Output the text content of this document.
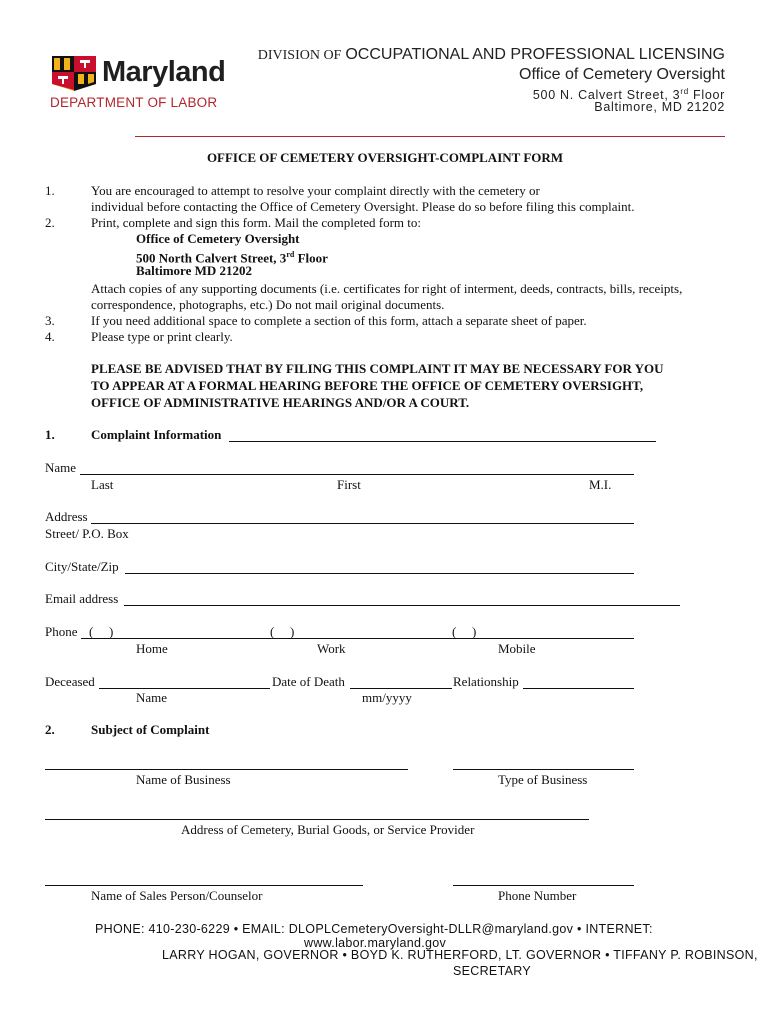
Maryland
DEPARTMENT OF LABOR
DIVISION OF OCCUPATIONAL AND PROFESSIONAL LICENSING
Office of Cemetery Oversight
500 N. Calvert Street, 3rd Floor
Baltimore, MD 21202
OFFICE OF CEMETERY OVERSIGHT-COMPLAINT FORM
1.	You are encouraged to attempt to resolve your complaint directly with the cemetery or
individual before contacting the Office of Cemetery Oversight. Please do so before filing this complaint.
2.	Print, complete and sign this form. Mail the completed form to:
Office of Cemetery Oversight
500 North Calvert Street, 3rd Floor
Baltimore MD 21202
Attach copies of any supporting documents (i.e. certificates for right of interment, deeds, contracts, bills, receipts,
correspondence, photographs, etc.) Do not mail original documents.
3.	If you need additional space to complete a section of this form, attach a separate sheet of paper.
4.	Please type or print clearly.
PLEASE BE ADVISED THAT BY FILING THIS COMPLAINT IT MAY BE NECESSARY FOR YOU
TO APPEAR AT A FORMAL HEARING BEFORE THE OFFICE OF CEMETERY OVERSIGHT,
OFFICE OF ADMINISTRATIVE HEARINGS AND/OR A COURT.
1.	Complaint Information
Name
Last	First	M.I.
Address
Street/ P.O. Box
City/State/Zip
Email address
Phone ( )	( )	( )
Home	Work	Mobile
Deceased	Date of Death	Relationship
Name	mm/yyyy
2.	Subject of Complaint
Name of Business	Type of Business
Address of Cemetery, Burial Goods, or Service Provider
Name of Sales Person/Counselor	Phone Number
PHONE: 410-230-6229 • EMAIL: DLOPLCemeteryOversight-DLLR@maryland.gov • INTERNET:
www.labor.maryland.gov
LARRY HOGAN, GOVERNOR • BOYD K. RUTHERFORD, LT. GOVERNOR • TIFFANY P. ROBINSON,
SECRETARY
